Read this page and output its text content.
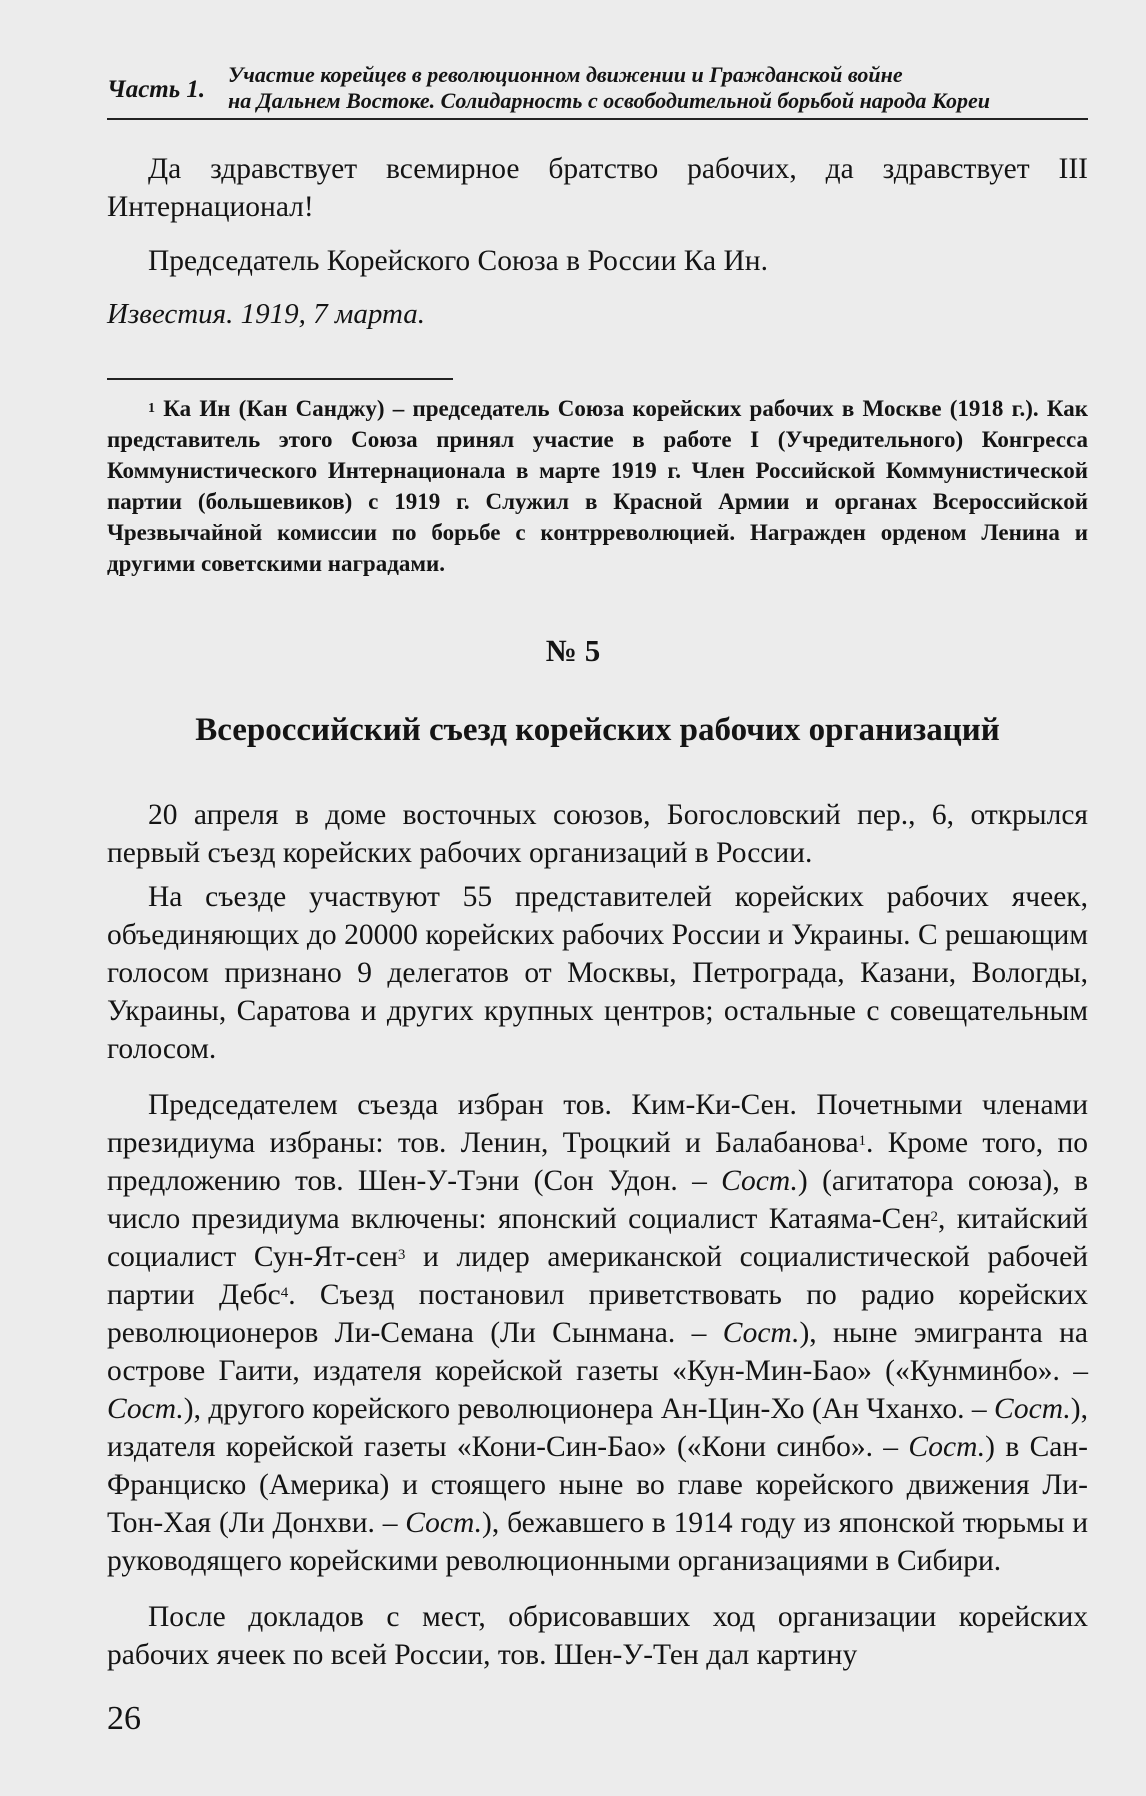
Часть 1.
Участие корейцев в революционном движении и Гражданской войне
на Дальнем Востоке. Солидарность с освободительной борьбой народа Кореи

Да здравствует всемирное братство рабочих, да здравствует III Интернационал!

Председатель Корейского Союза в России Ка Ин.

Известия. 1919, 7 марта.
$^1$ Ка Ин (Кан Санджу) – председатель Союза корейских рабочих в Москве (1918 г.). Как представитель этого Союза принял участие в работе I (Учредительного) Конгресса Коммунистического Интернационала в марте 1919 г. Член Российской Коммунистической партии (большевиков) с 1919 г. Служил в Красной Армии и органах Всероссийской Чрезвычайной комиссии по борьбе с контрреволюцией. Награжден орденом Ленина и другими советскими наградами.
№ 5
Всероссийский съезд корейских рабочих организаций

20 апреля в доме восточных союзов, Богословский пер., 6, открылся первый съезд корейских рабочих организаций в России.

На съезде участвуют 55 представителей корейских рабочих ячеек, объединяющих до 20000 корейских рабочих России и Украины. С решающим голосом признано 9 делегатов от Москвы, Петрограда, Казани, Вологды, Украины, Саратова и других крупных центров; остальные с совещательным голосом.

Председателем съезда избран тов. Ким-Ки-Сен. Почетными членами президиума избраны: тов. Ленин, Троцкий и Балабанова$^1$. Кроме того, по предложению тов. Шен-У-Тэни (Сон Удон. – Сост.) (агитатора союза), в число президиума включены: японский социалист Катаяма-Сен$^2$, китайский социалист Сун-Ят-сен$^3$ и лидер американской социалистической рабочей партии Дебс$^4$. Съезд постановил приветствовать по радио корейских революционеров Ли-Семана (Ли Сынмана. – Сост.), ныне эмигранта на острове Гаити, издателя корейской газеты «Кун-Мин-Бао» («Кунминбо». – Сост.), другого корейского революционера Ан-Цин-Хо (Ан Чханхо. – Сост.), издателя корейской газеты «Кони-Син-Бао» («Кони синбо». – Сост.) в Сан-Франциско (Америка) и стоящего ныне во главе корейского движения Ли-Тон-Хая (Ли Донхви. – Сост.), бежавшего в 1914 году из японской тюрьмы и руководящего корейскими революционными организациями в Сибири.

После докладов с мест, обрисовавших ход организации корейских рабочих ячеек по всей России, тов. Шен-У-Тен дал картину

26
